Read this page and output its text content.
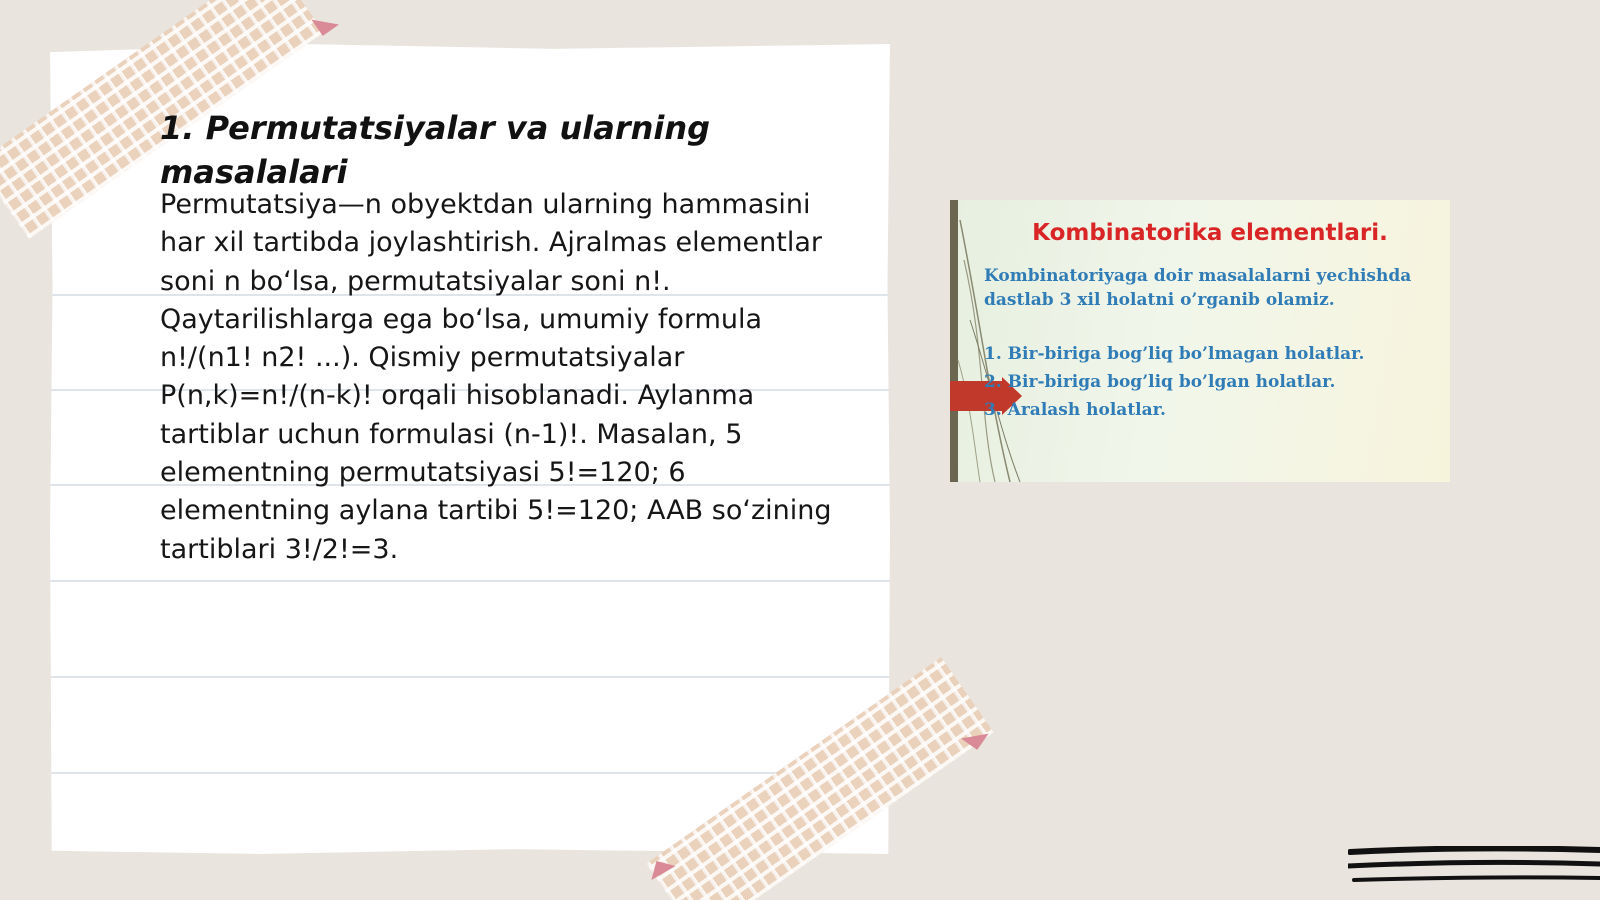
1. Permutatsiyalar va ularning masalalari

Permutatsiya—n obyektdan ularning hammasini har xil tartibda joylashtirish. Ajralmas elementlar soni n bo‘lsa, permutatsiyalar soni n!. Qaytarilishlarga ega bo‘lsa, umumiy formula n!/(n1! n2! ...). Qismiy permutatsiyalar P(n,k)=n!/(n-k)! orqali hisoblanadi. Aylanma tartiblar uchun formulasi (n-1)!. Masalan, 5 elementning permutatsiyasi 5!=120; 6 elementning aylana tartibi 5!=120; AAB so‘zining tartiblari 3!/2!=3.

Kombinatorika elementlari.
Kombinatoriyaga doir masalalarni yechishda dastlab 3 xil holatni o’rganib olamiz.
1. Bir-biriga bog’liq bo’lmagan holatlar.
2. Bir-biriga bog’liq bo’lgan holatlar.
3. Aralash holatlar.
